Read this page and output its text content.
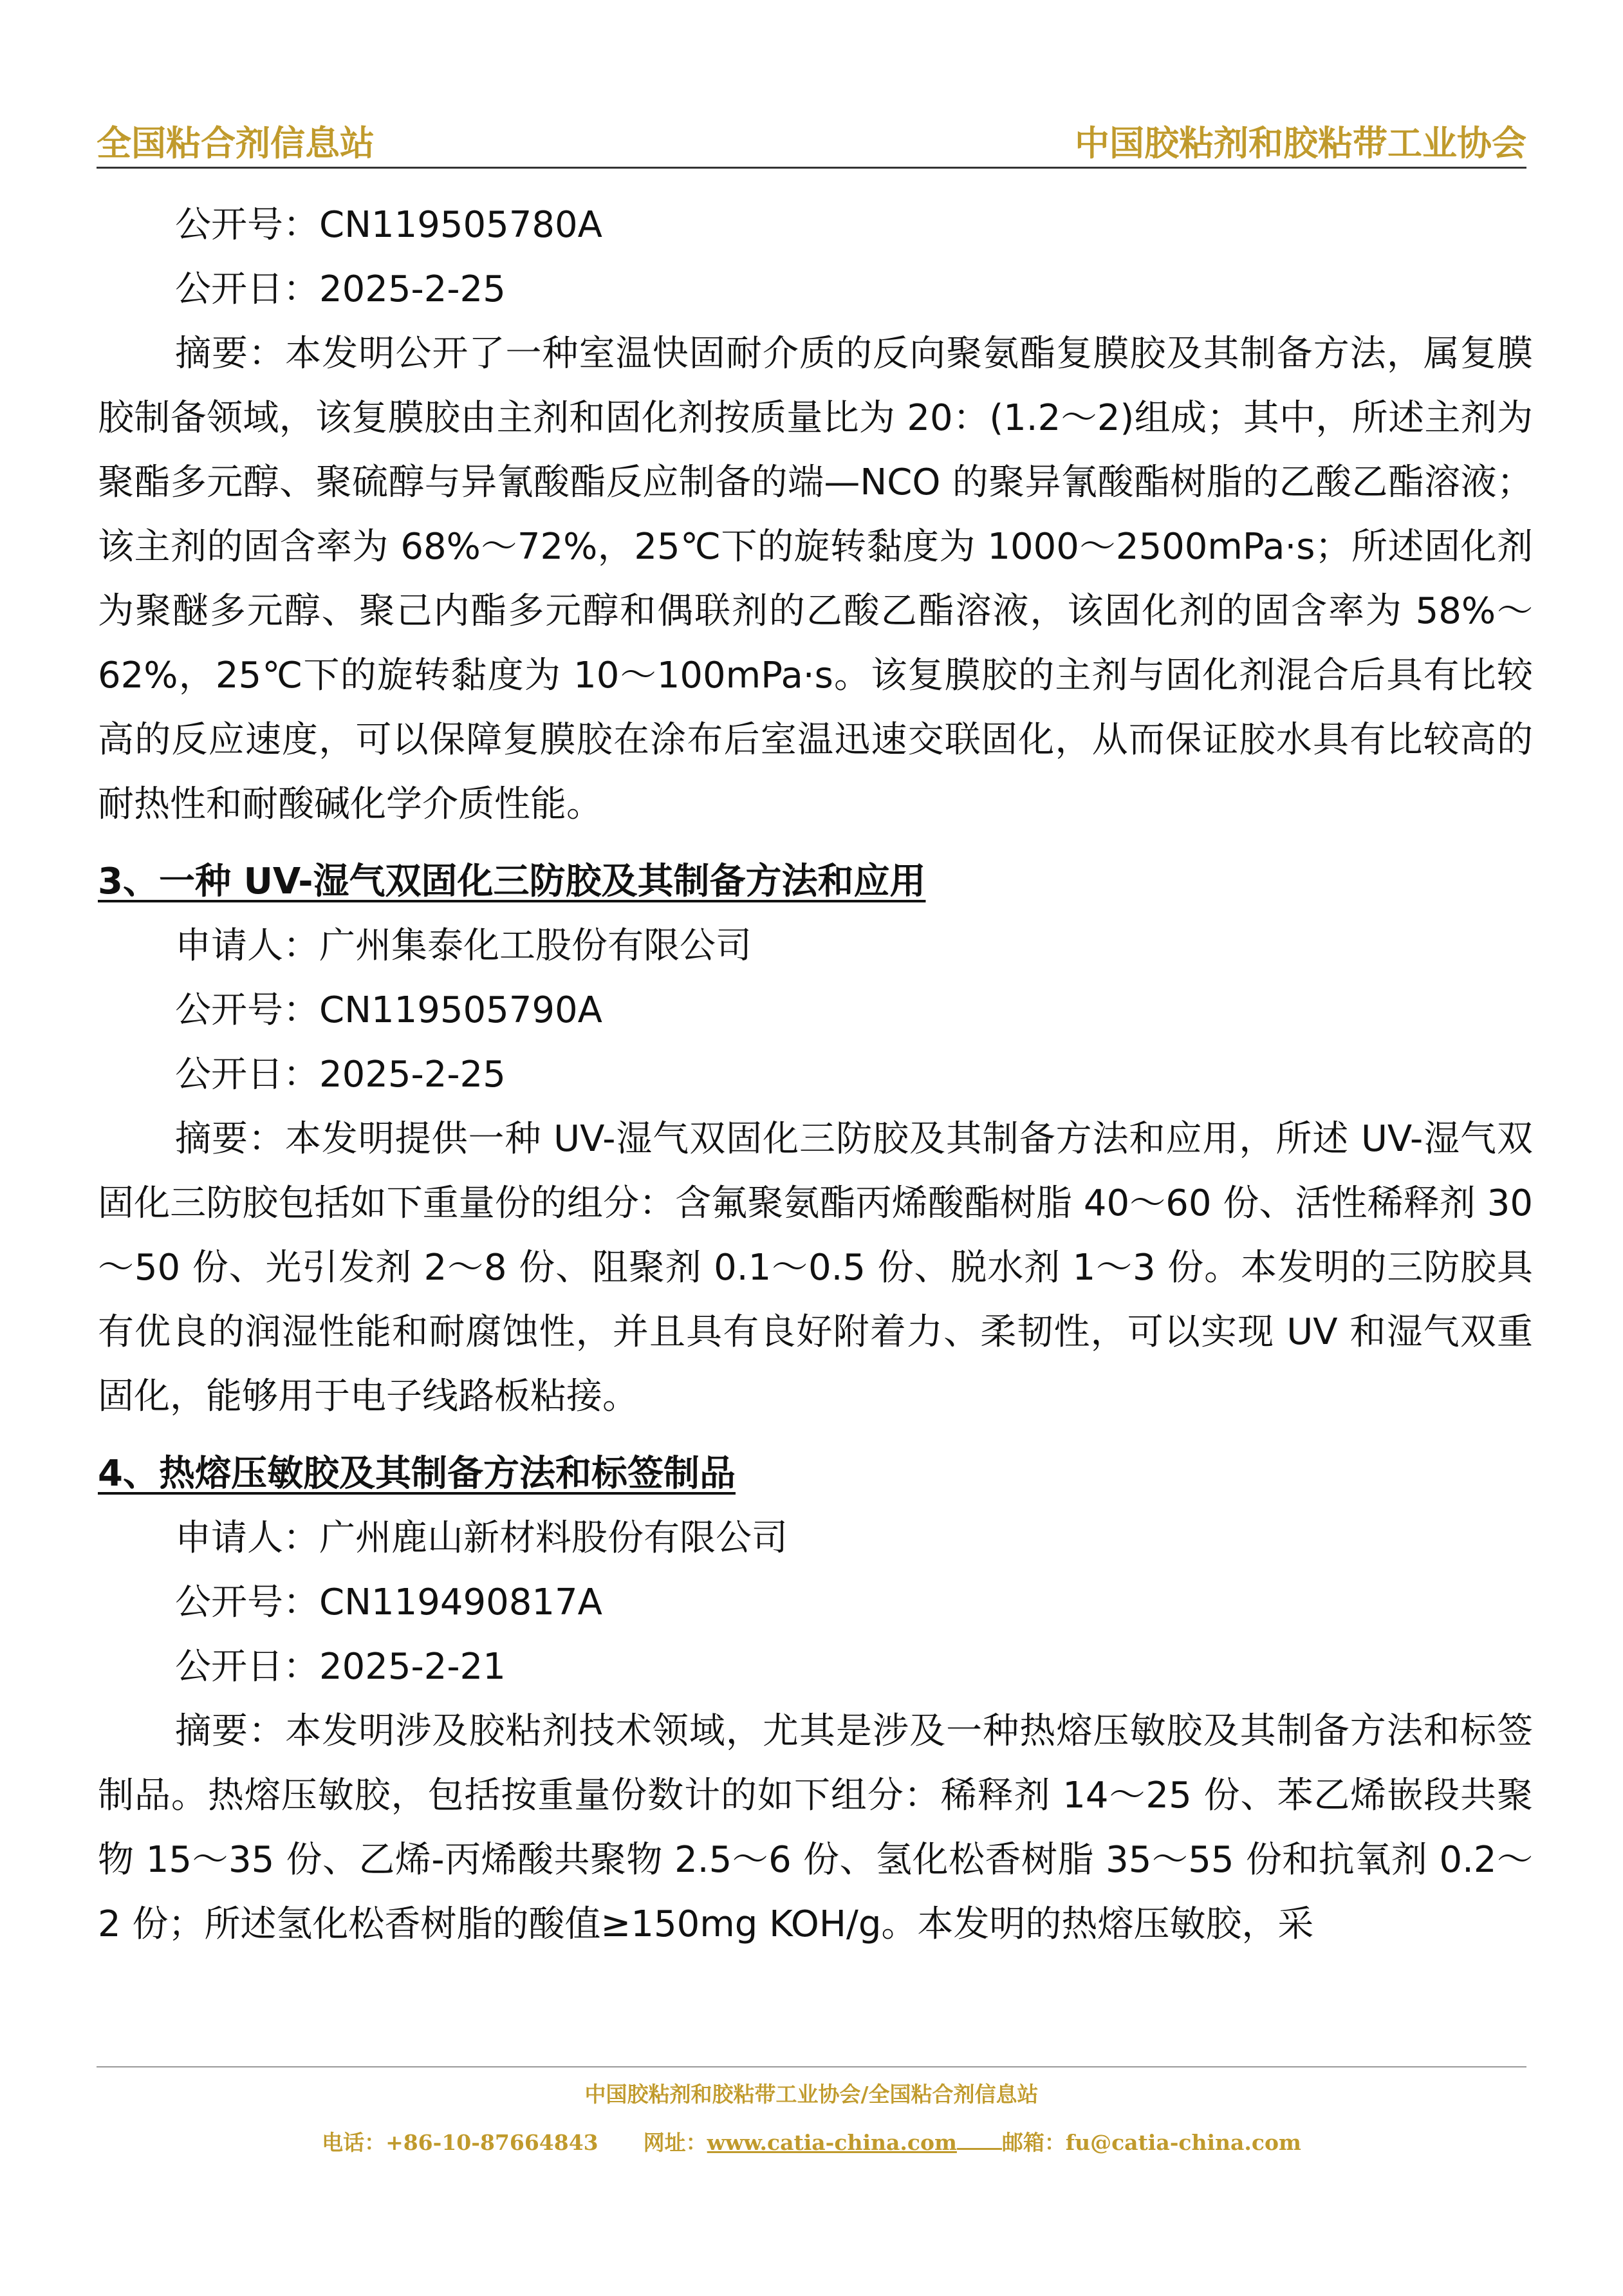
全国粘合剂信息站	中国胶粘剂和胶粘带工业协会
公开号：CN119505780A
公开日：2025-2-25

摘要：本发明公开了一种室温快固耐介质的反向聚氨酯复膜胶及其制备方法，属复膜胶制备领域，该复膜胶由主剂和固化剂按质量比为 20：(1.2～2)组成；其中，所述主剂为聚酯多元醇、聚硫醇与异氰酸酯反应制备的端—NCO 的聚异氰酸酯树脂的乙酸乙酯溶液；该主剂的固含率为 68%～72%，25℃下的旋转黏度为 1000～2500mPa·s；所述固化剂为聚醚多元醇、聚己内酯多元醇和偶联剂的乙酸乙酯溶液，该固化剂的固含率为 58%～62%，25℃下的旋转黏度为 10～100mPa·s。该复膜胶的主剂与固化剂混合后具有比较高的反应速度，可以保障复膜胶在涂布后室温迅速交联固化，从而保证胶水具有比较高的耐热性和耐酸碱化学介质性能。

3、一种 UV-湿气双固化三防胶及其制备方法和应用
申请人：广州集泰化工股份有限公司
公开号：CN119505790A
公开日：2025-2-25

摘要：本发明提供一种 UV-湿气双固化三防胶及其制备方法和应用，所述 UV-湿气双固化三防胶包括如下重量份的组分：含氟聚氨酯丙烯酸酯树脂 40～60 份、活性稀释剂 30～50 份、光引发剂 2～8 份、阻聚剂 0.1～0.5 份、脱水剂 1～3 份。本发明的三防胶具有优良的润湿性能和耐腐蚀性，并且具有良好附着力、柔韧性，可以实现 UV 和湿气双重固化，能够用于电子线路板粘接。

4、热熔压敏胶及其制备方法和标签制品
申请人：广州鹿山新材料股份有限公司
公开号：CN119490817A
公开日：2025-2-21

摘要：本发明涉及胶粘剂技术领域，尤其是涉及一种热熔压敏胶及其制备方法和标签制品。热熔压敏胶，包括按重量份数计的如下组分：稀释剂 14～25 份、苯乙烯嵌段共聚物 15～35 份、乙烯-丙烯酸共聚物 2.5～6 份、氢化松香树脂 35～55 份和抗氧剂 0.2～2 份；所述氢化松香树脂的酸值≥150mg KOH/g。本发明的热熔压敏胶，采

中国胶粘剂和胶粘带工业协会/全国粘合剂信息站
电话：+86-10-87664843 网址：www.catia-china.com 邮箱：fu@catia-china.com
